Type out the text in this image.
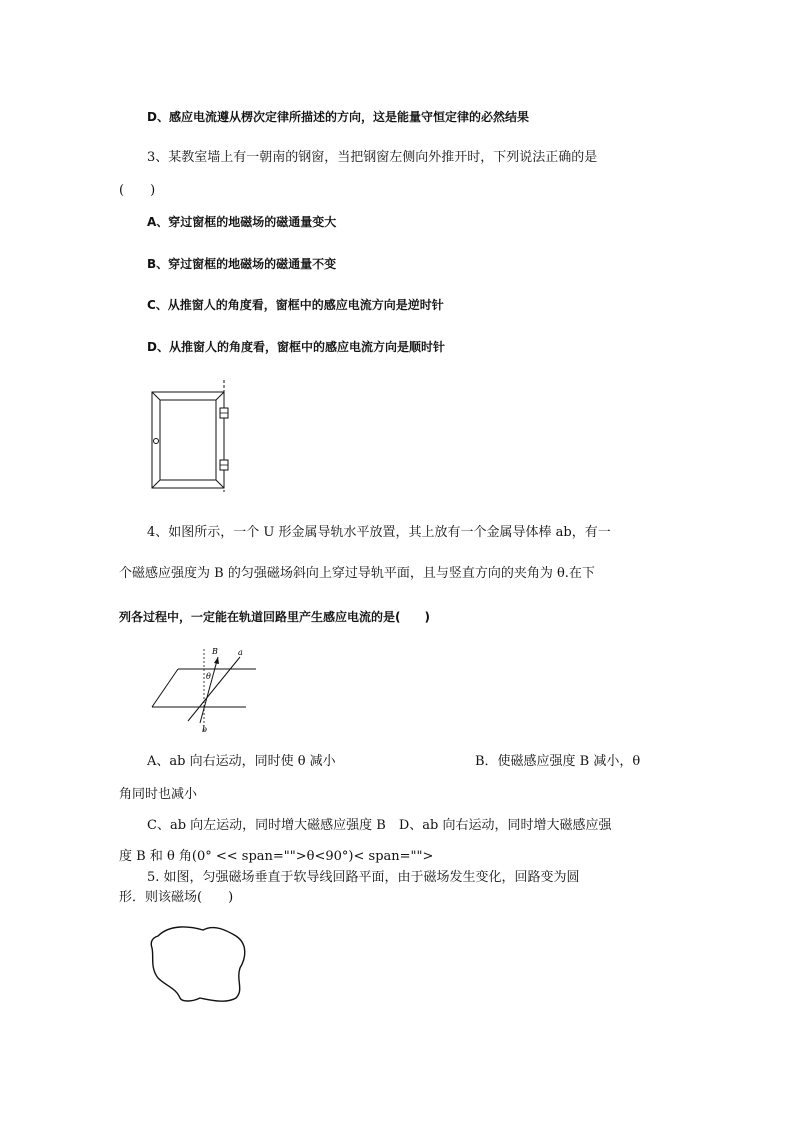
D、感应电流遵从楞次定律所描述的方向，这是能量守恒定律的必然结果
3、某教室墙上有一朝南的钢窗，当把钢窗左侧向外推开时，下列说法正确的是
(　　)
A、穿过窗框的地磁场的磁通量变大
B、穿过窗框的地磁场的磁通量不变
C、从推窗人的角度看，窗框中的感应电流方向是逆时针
D、从推窗人的角度看，窗框中的感应电流方向是顺时针
4、如图所示，一个 U 形金属导轨水平放置，其上放有一个金属导体棒 ab，有一
个磁感应强度为 B 的匀强磁场斜向上穿过导轨平面，且与竖直方向的夹角为 θ.在下
列各过程中，一定能在轨道回路里产生感应电流的是(　　)
B	a
θ
b
A、ab 向右运动，同时使 θ 减小	B．使磁感应强度 B 减小，θ
角同时也减小
C、ab 向左运动，同时增大磁感应强度 B　D、ab 向右运动，同时增大磁感应强
度 B 和 θ 角(0° << span="">θ<90°)< span="">
5. 如图，匀强磁场垂直于软导线回路平面，由于磁场发生变化，回路变为圆
形．则该磁场(　　)
